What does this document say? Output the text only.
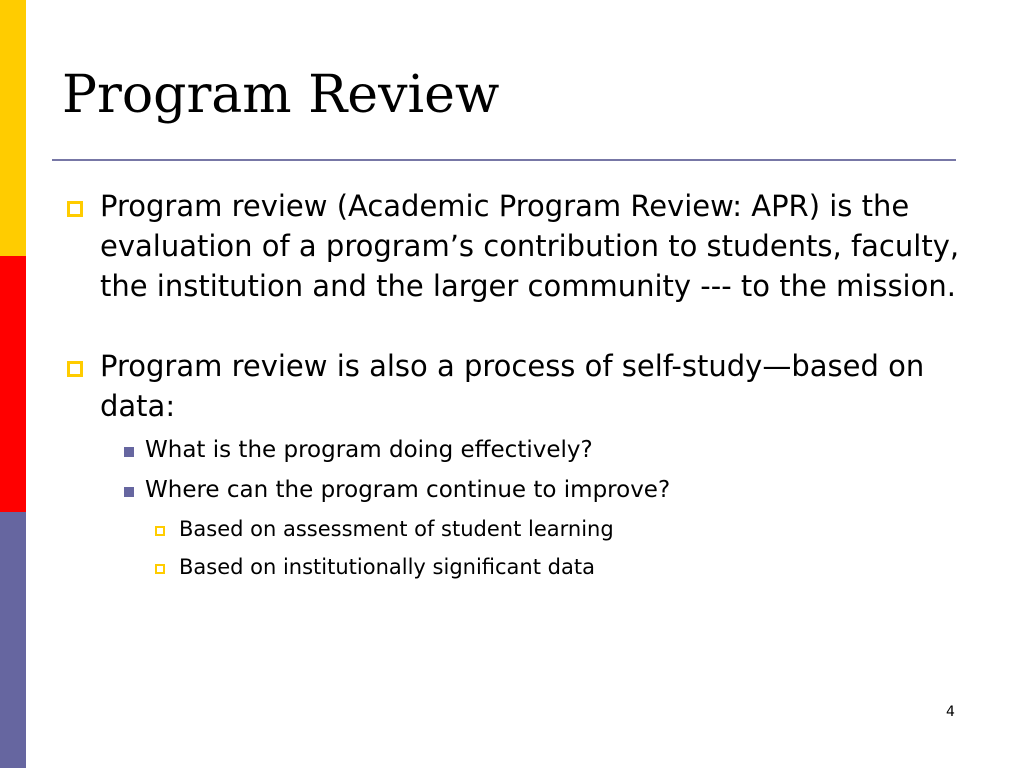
Program Review
Program review (Academic Program Review: APR) is the evaluation of a program’s contribution to students, faculty, the institution and the larger community --- to the mission.
Program review is also a process of self-study—based on data:
What is the program doing effectively?
Where can the program continue to improve?
Based on assessment of student learning
Based on institutionally significant data
4
